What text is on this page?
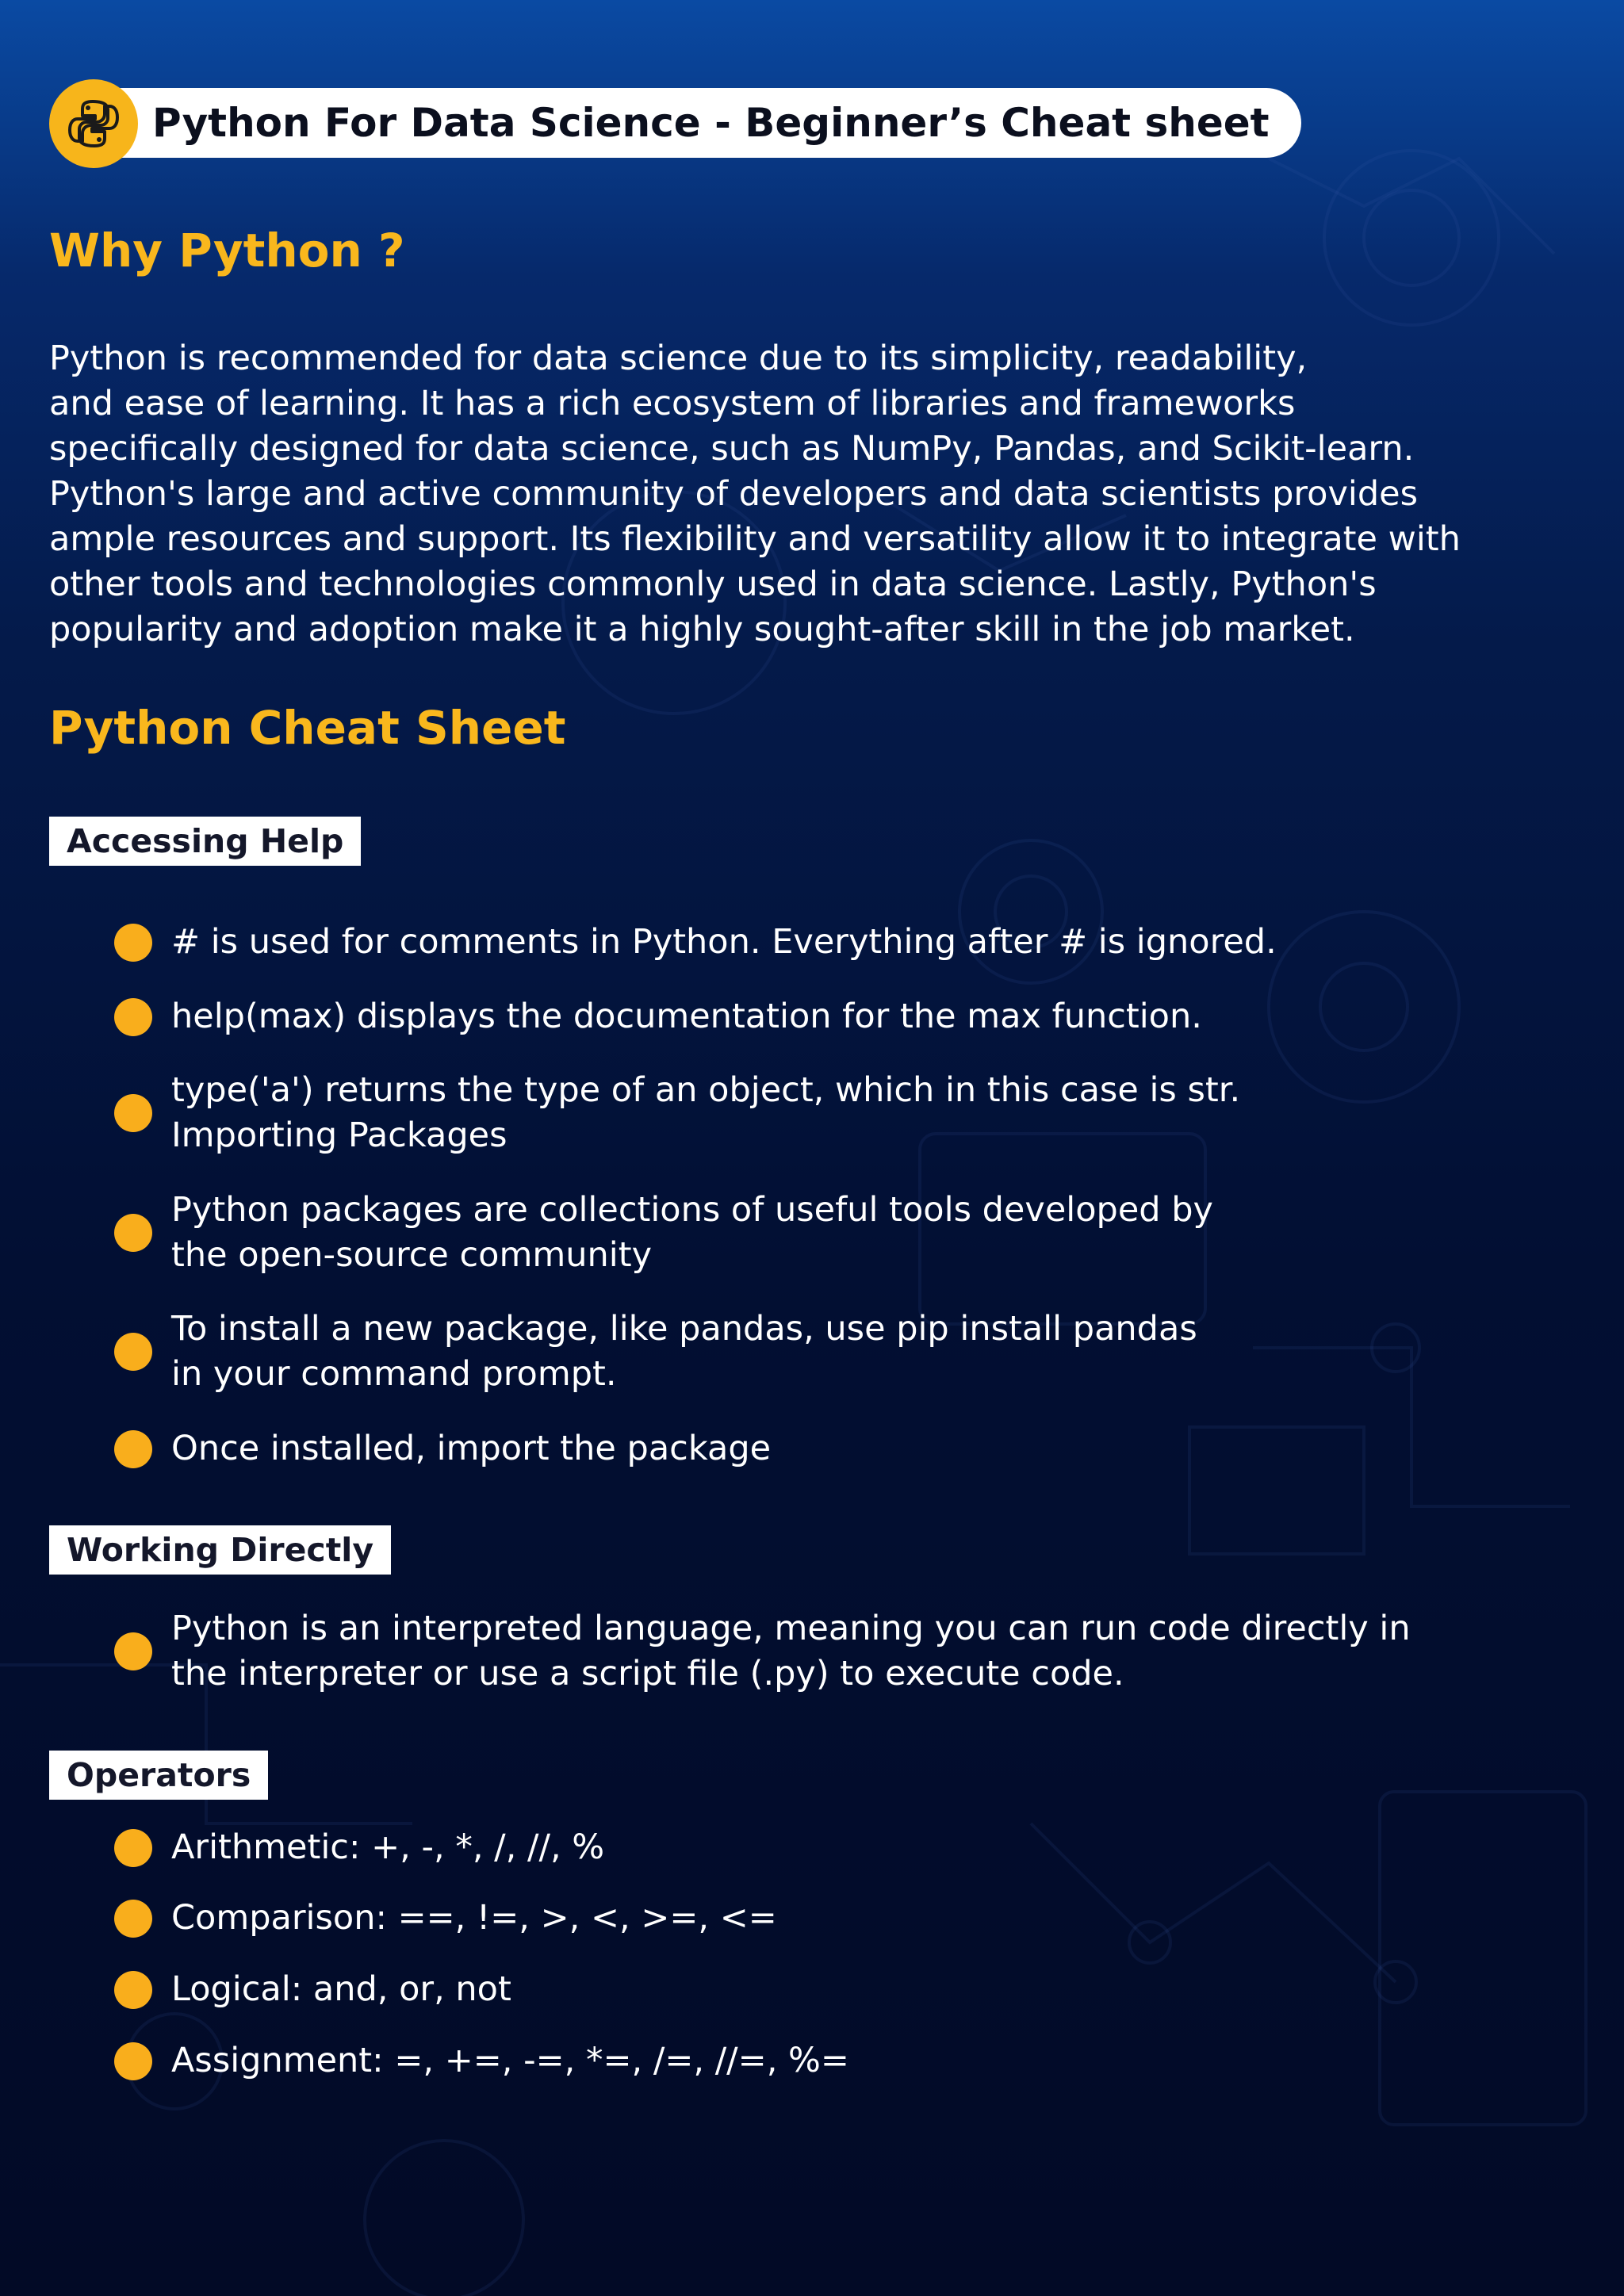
Python For Data Science - Beginner’s Cheat sheet
Why Python ?
Python is recommended for data science due to its simplicity, readability,
and ease of learning. It has a rich ecosystem of libraries and frameworks
specifically designed for data science, such as NumPy, Pandas, and Scikit-learn.
Python's large and active community of developers and data scientists provides
ample resources and support. Its flexibility and versatility allow it to integrate with
other tools and technologies commonly used in data science. Lastly, Python's
popularity and adoption make it a highly sought-after skill in the job market.
Python Cheat Sheet
Accessing Help
# is used for comments in Python. Everything after # is ignored.
help(max) displays the documentation for the max function.
type('a') returns the type of an object, which in this case is str.
Importing Packages
Python packages are collections of useful tools developed by
the open-source community
To install a new package, like pandas, use pip install pandas
in your command prompt.
Once installed, import the package
Working Directly
Python is an interpreted language, meaning you can run code directly in
the interpreter or use a script file (.py) to execute code.
Operators
Arithmetic: +, -, *, /, //, %
Comparison: ==, !=, >, <, >=, <=
Logical: and, or, not
Assignment: =, +=, -=, *=, /=, //=, %=
